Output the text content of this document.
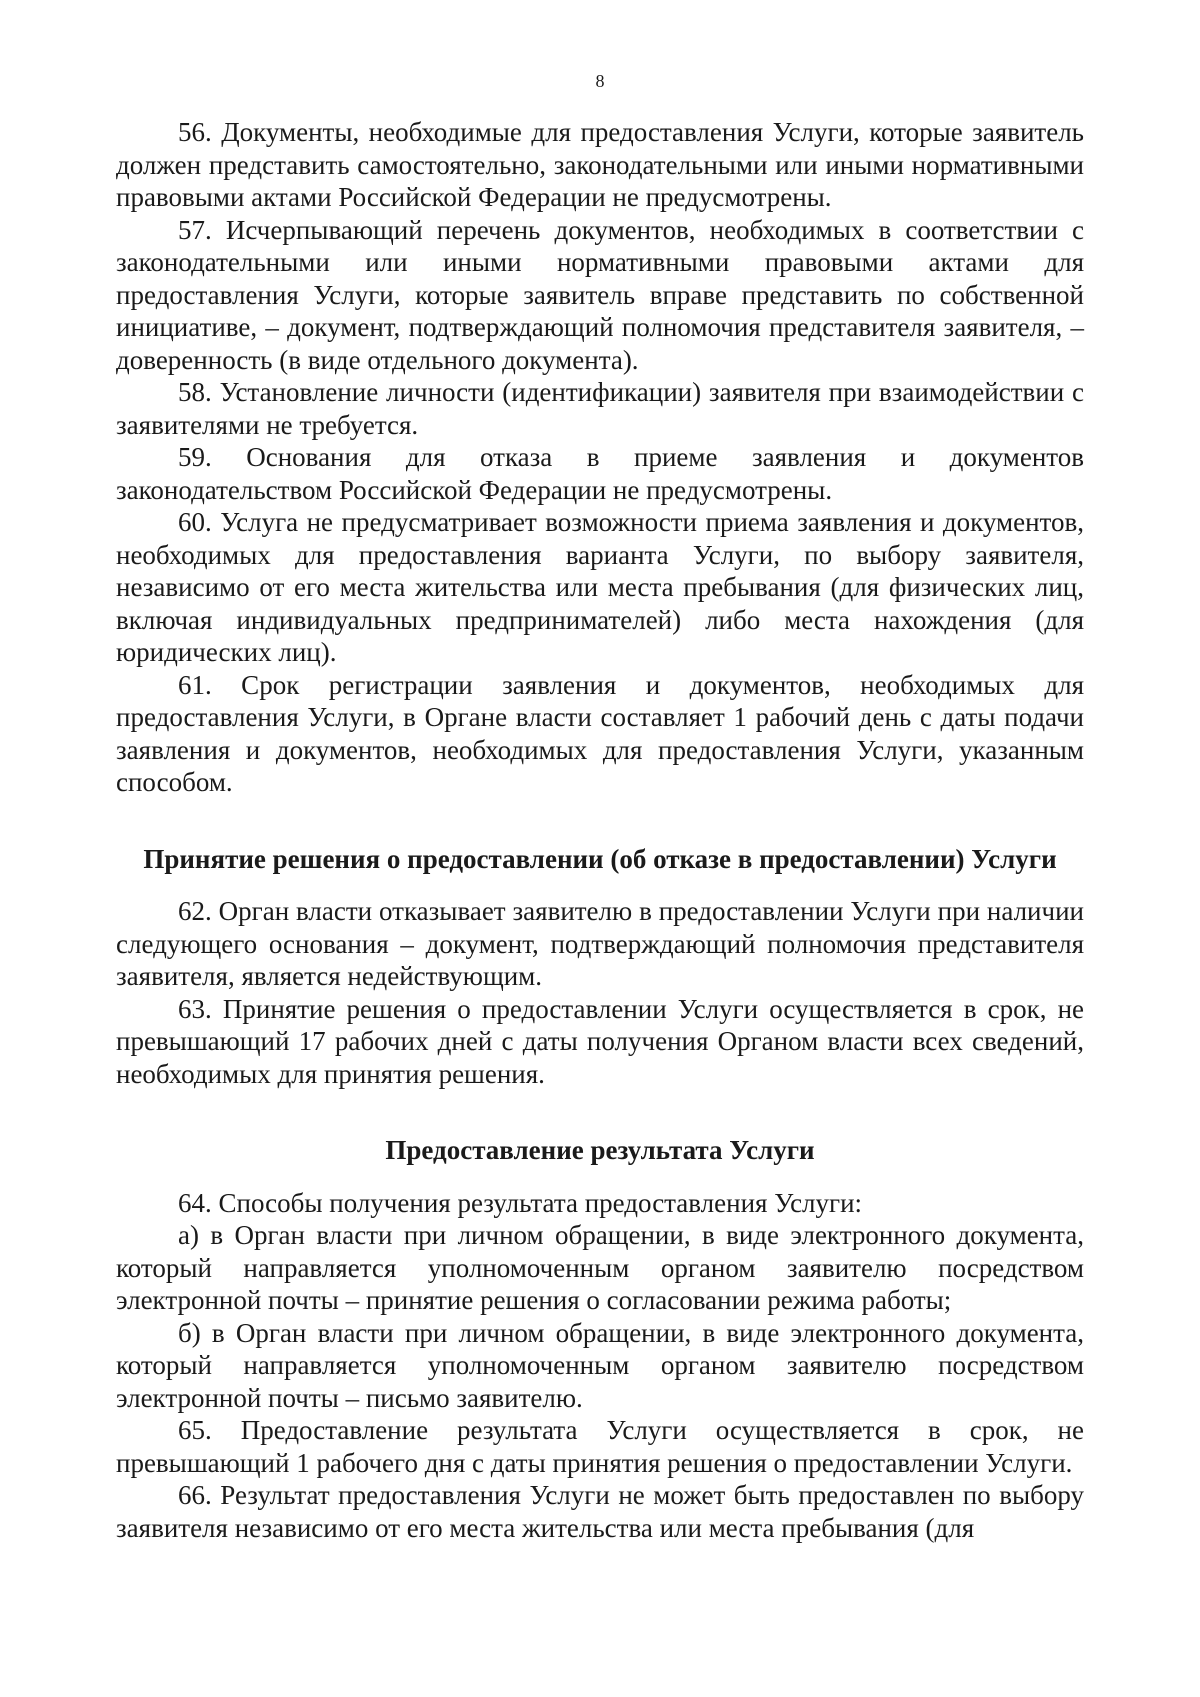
8

56. Документы, необходимые для предоставления Услуги, которые заявитель должен представить самостоятельно, законодательными или иными нормативными правовыми актами Российской Федерации не предусмотрены.

57. Исчерпывающий перечень документов, необходимых в соответствии с законодательными или иными нормативными правовыми актами для предоставления Услуги, которые заявитель вправе представить по собственной инициативе, – документ, подтверждающий полномочия представителя заявителя, – доверенность (в виде отдельного документа).

58. Установление личности (идентификации) заявителя при взаимодействии с заявителями не требуется.

59. Основания для отказа в приеме заявления и документов законодательством Российской Федерации не предусмотрены.

60. Услуга не предусматривает возможности приема заявления и документов, необходимых для предоставления варианта Услуги, по выбору заявителя, независимо от его места жительства или места пребывания (для физических лиц, включая индивидуальных предпринимателей) либо места нахождения (для юридических лиц).

61. Срок регистрации заявления и документов, необходимых для предоставления Услуги, в Органе власти составляет 1 рабочий день с даты подачи заявления и документов, необходимых для предоставления Услуги, указанным способом.

Принятие решения о предоставлении (об отказе в предоставлении) Услуги

62. Орган власти отказывает заявителю в предоставлении Услуги при наличии следующего основания – документ, подтверждающий полномочия представителя заявителя, является недействующим.

63. Принятие решения о предоставлении Услуги осуществляется в срок, не превышающий 17 рабочих дней с даты получения Органом власти всех сведений, необходимых для принятия решения.

Предоставление результата Услуги

64. Способы получения результата предоставления Услуги:

а) в Орган власти при личном обращении, в виде электронного документа, который направляется уполномоченным органом заявителю посредством электронной почты – принятие решения о согласовании режима работы;

б) в Орган власти при личном обращении, в виде электронного документа, который направляется уполномоченным органом заявителю посредством электронной почты – письмо заявителю.

65. Предоставление результата Услуги осуществляется в срок, не превышающий 1 рабочего дня с даты принятия решения о предоставлении Услуги.

66. Результат предоставления Услуги не может быть предоставлен по выбору заявителя независимо от его места жительства или места пребывания (для
